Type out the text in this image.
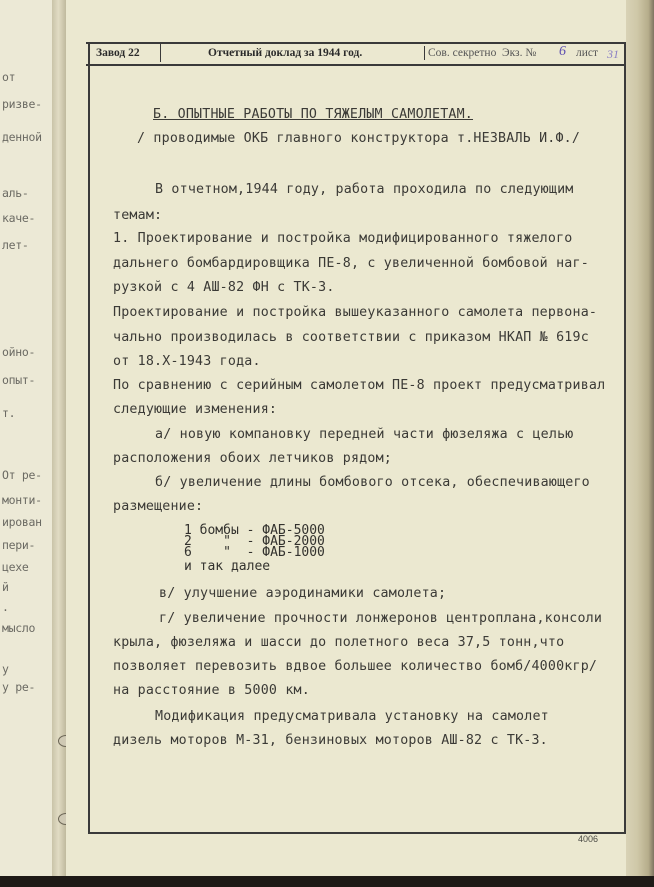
от
ризве-
денной
аль-
каче-
лет-
ойно-
опыт-
т.
От ре-
монти-
ирован
пери-
цехе
й
.
мысло
у
у ре-
Завод 22	Отчетный доклад за 1944 год.	Сов. секретно Экз. № 6 лист 31
Б. ОПЫТНЫЕ РАБОТЫ ПО ТЯЖЕЛЫМ САМОЛЕТАМ.
/ проводимые ОКБ главного конструктора т.НЕЗВАЛЬ И.Ф./
В отчетном,1944 году, работа проходила по следующим
темам:
1. Проектирование и постройка модифицированного тяжелого
дальнего бомбардировщика ПЕ-8, с увеличенной бомбовой наг-
рузкой с 4 АШ-82 ФН с ТК-3.
Проектирование и постройка вышеуказанного самолета первона-
чально производилась в соответствии с приказом НКАП № 619с
от 18.Х-1943 года.
По сравнению с серийным самолетом ПЕ-8 проект предусматривал
следующие изменения:
а/ новую компановку передней части фюзеляжа с целью
расположения обоих летчиков рядом;
б/ увеличение длины бомбового отсека, обеспечивающего
размещение:
1 бомбы - ФАБ-5000
2    "  - ФАБ-2000
6    "  - ФАБ-1000
и так далее
в/ улучшение аэродинамики самолета;
г/ увеличение прочности лонжеронов центроплана,консоли
крыла, фюзеляжа и шасси до полетного веса 37,5 тонн,что
позволяет перевозить вдвое большее количество бомб/4000кгр/
на расстояние в 5000 км.
Модификация предусматривала установку на самолет
дизель моторов М-31, бензиновых моторов АШ-82 с ТК-3.
4006
